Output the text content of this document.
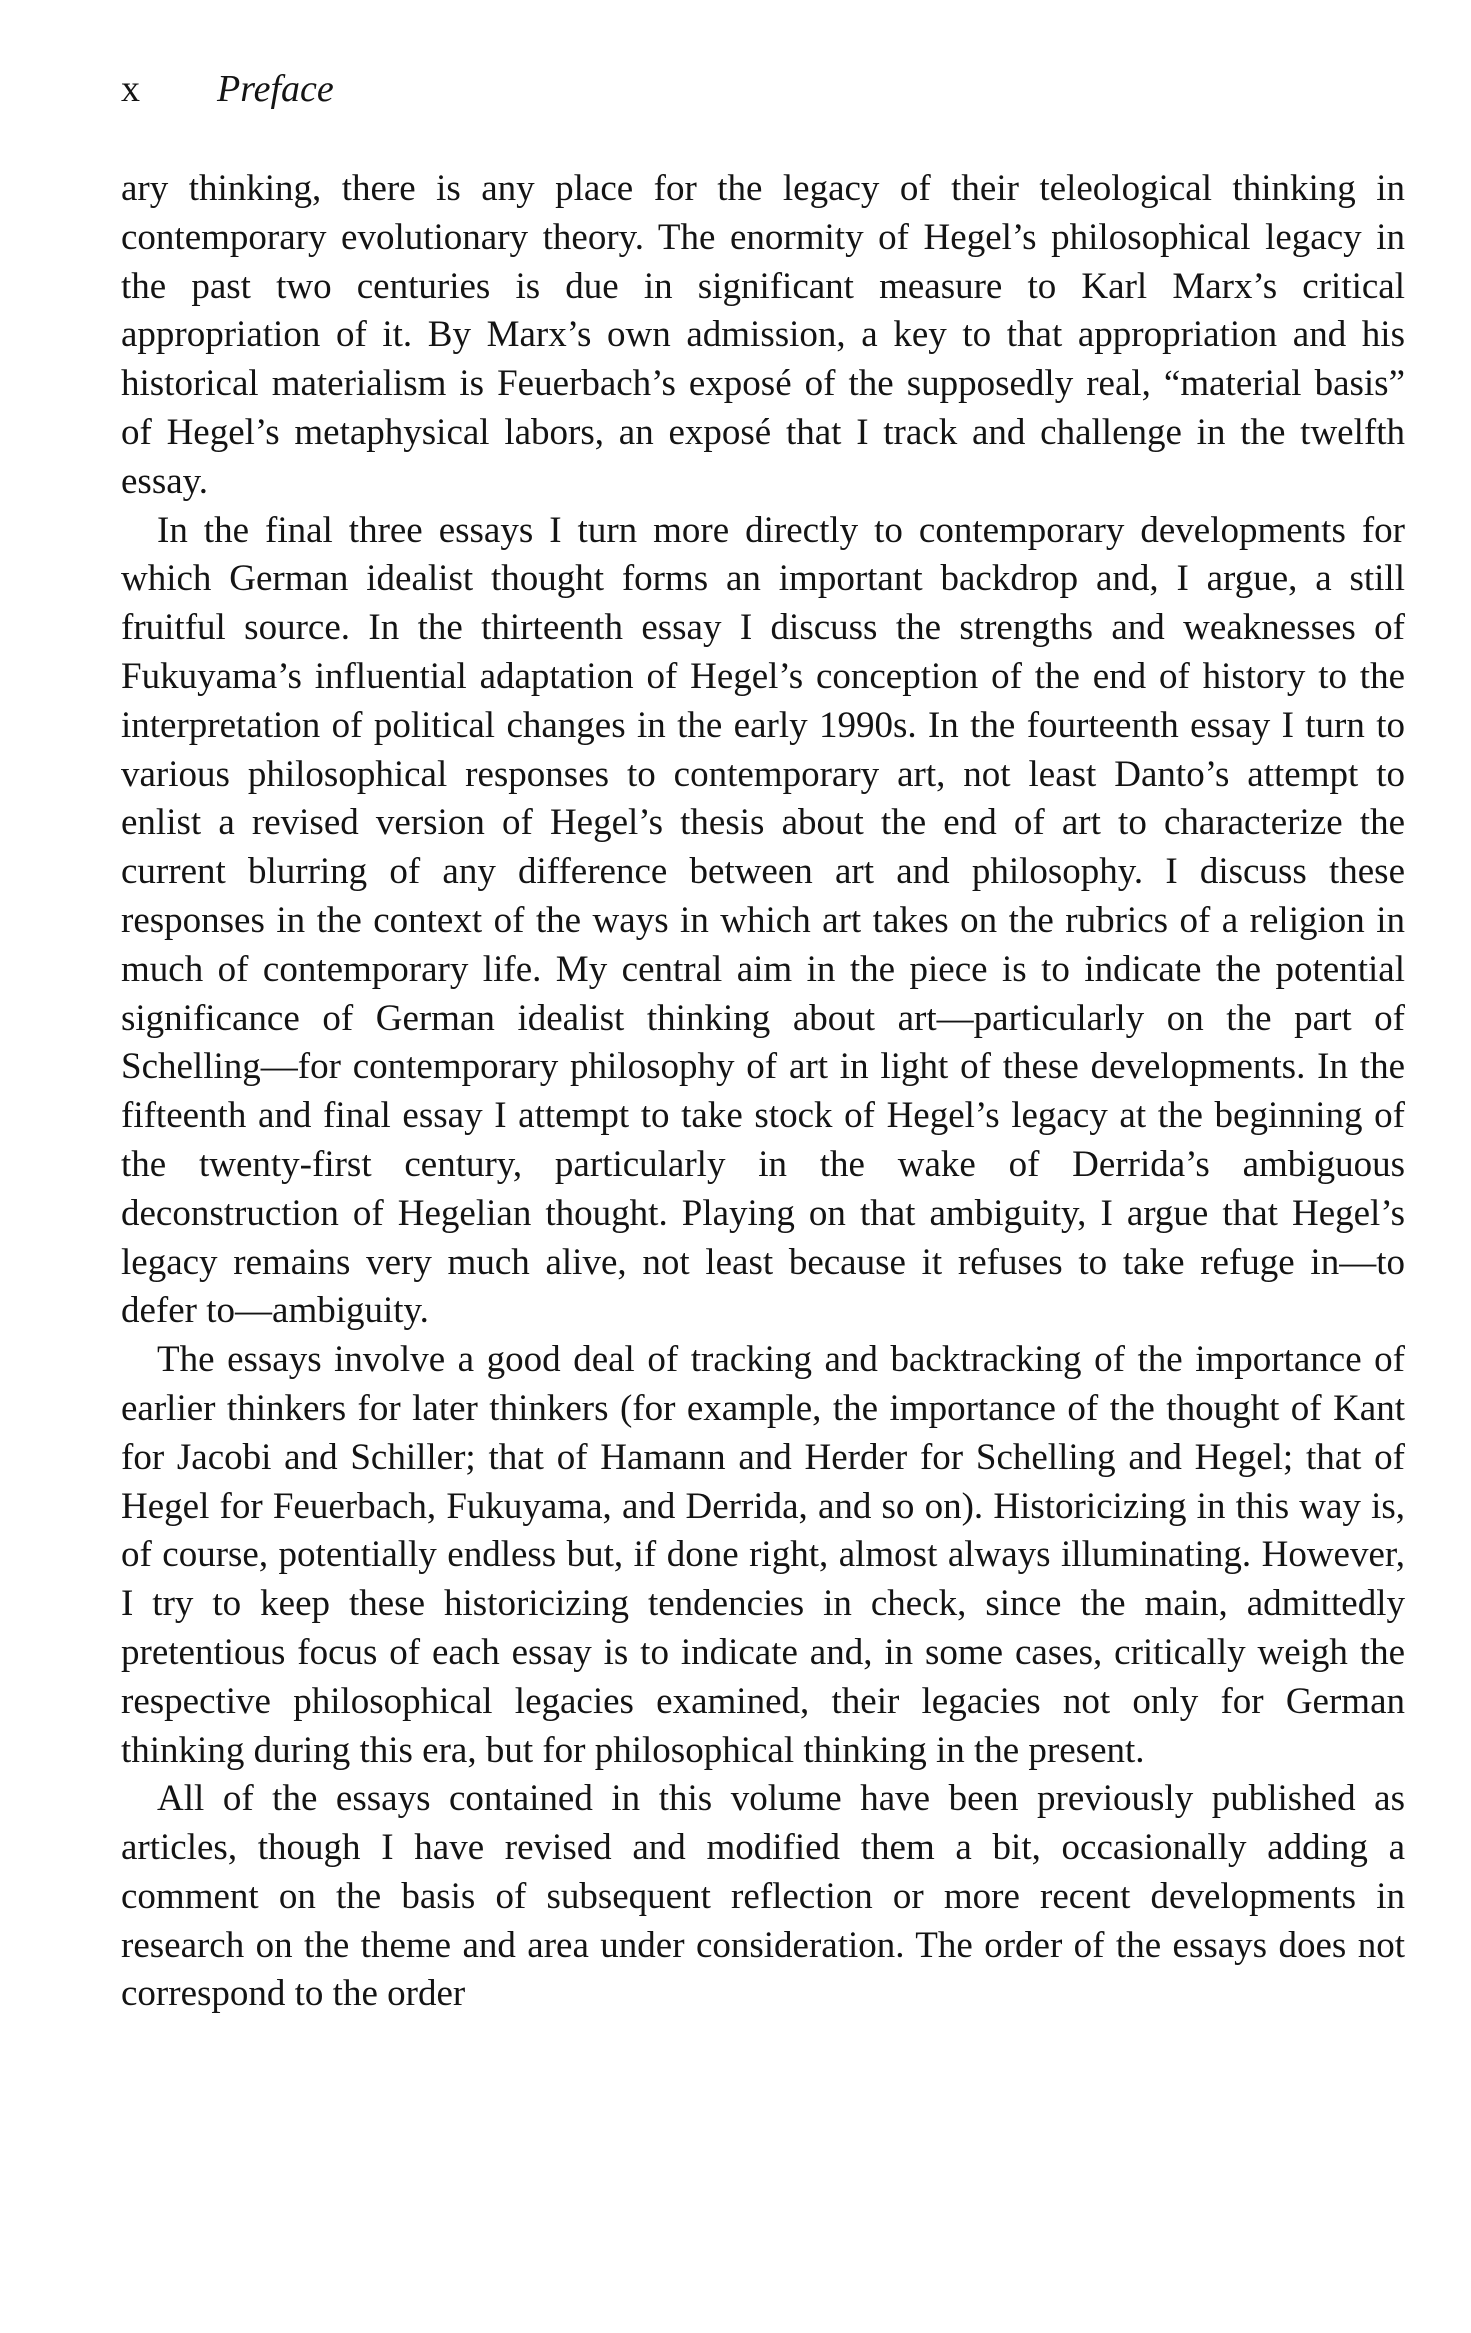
x Preface

ary thinking, there is any place for the legacy of their teleological thinking in contemporary evolutionary theory. The enormity of Hegel’s philosophical legacy in the past two centuries is due in significant measure to Karl Marx’s critical appropriation of it. By Marx’s own admission, a key to that appropriation and his historical materialism is Feuerbach’s exposé of the supposedly real, “material basis” of Hegel’s metaphysical labors, an exposé that I track and challenge in the twelfth essay.

In the final three essays I turn more directly to contemporary developments for which German idealist thought forms an important backdrop and, I argue, a still fruitful source. In the thirteenth essay I discuss the strengths and weaknesses of Fukuyama’s influential adaptation of Hegel’s conception of the end of history to the interpretation of political changes in the early 1990s. In the fourteenth essay I turn to various philosophical responses to contemporary art, not least Danto’s attempt to enlist a revised version of Hegel’s thesis about the end of art to characterize the current blurring of any difference between art and philosophy. I discuss these responses in the context of the ways in which art takes on the rubrics of a religion in much of contemporary life. My central aim in the piece is to indicate the potential significance of German idealist thinking about art—particularly on the part of Schelling—for contemporary philosophy of art in light of these developments. In the fifteenth and final essay I attempt to take stock of Hegel’s legacy at the beginning of the twenty-first century, particularly in the wake of Derrida’s ambiguous deconstruction of Hegelian thought. Playing on that ambiguity, I argue that Hegel’s legacy remains very much alive, not least because it refuses to take refuge in—to defer to—ambiguity.

The essays involve a good deal of tracking and backtracking of the importance of earlier thinkers for later thinkers (for example, the importance of the thought of Kant for Jacobi and Schiller; that of Hamann and Herder for Schelling and Hegel; that of Hegel for Feuerbach, Fukuyama, and Derrida, and so on). Historicizing in this way is, of course, potentially endless but, if done right, almost always illuminating. However, I try to keep these historicizing tendencies in check, since the main, admittedly pretentious focus of each essay is to indicate and, in some cases, critically weigh the respective philosophical legacies examined, their legacies not only for German thinking during this era, but for philosophical thinking in the present.

All of the essays contained in this volume have been previously published as articles, though I have revised and modified them a bit, occasionally adding a comment on the basis of subsequent reflection or more recent developments in research on the theme and area under consideration. The order of the essays does not correspond to the order
